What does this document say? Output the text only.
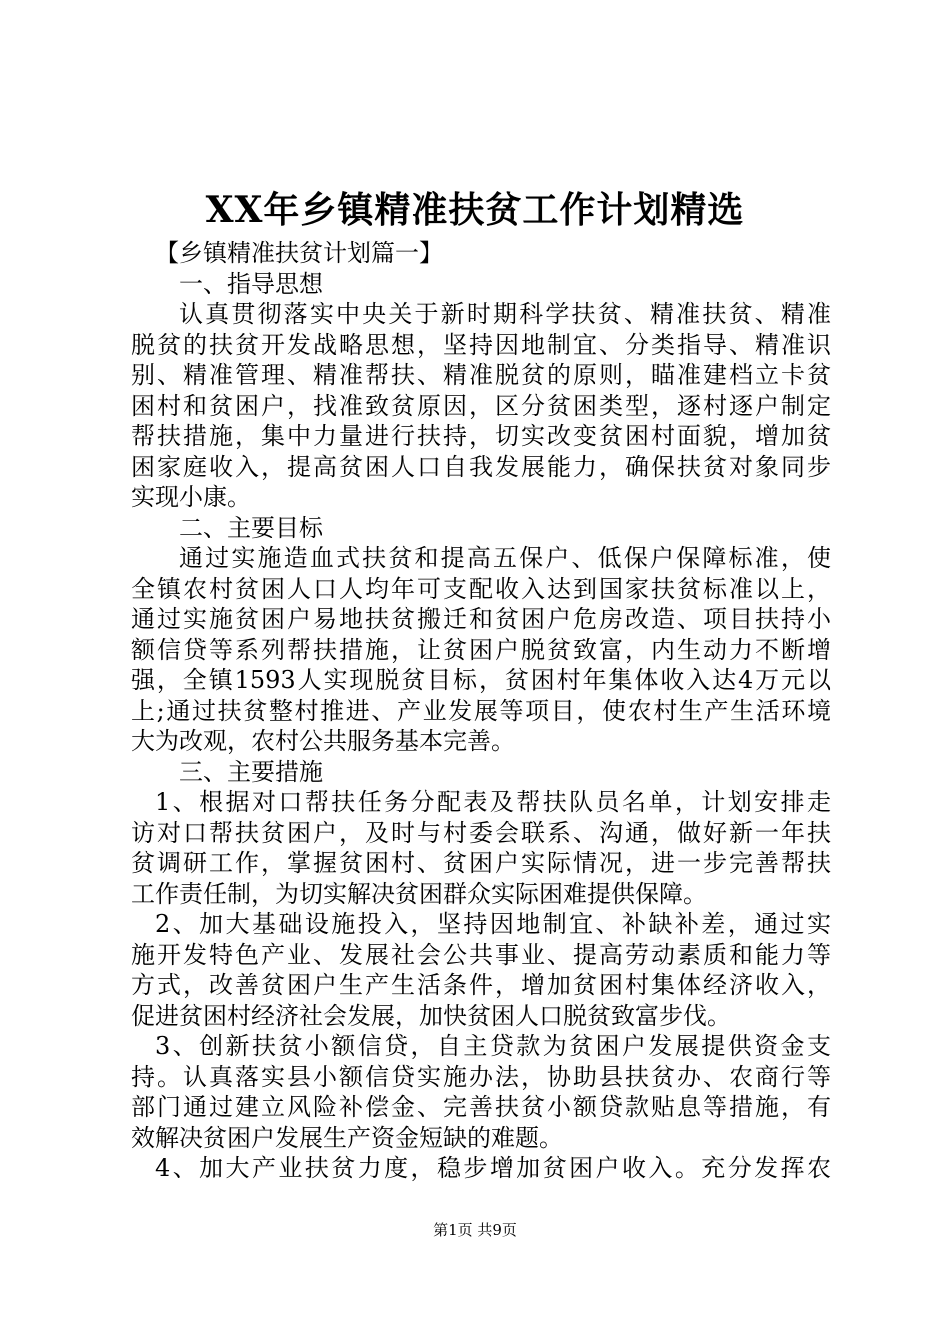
XX年乡镇精准扶贫工作计划精选
【乡镇精准扶贫计划篇一】
一、指导思想
认真贯彻落实中央关于新时期科学扶贫、精准扶贫、精准
脱贫的扶贫开发战略思想，坚持因地制宜、分类指导、精准识
别、精准管理、精准帮扶、精准脱贫的原则，瞄准建档立卡贫
困村和贫困户，找准致贫原因，区分贫困类型，逐村逐户制定
帮扶措施，集中力量进行扶持，切实改变贫困村面貌，增加贫
困家庭收入，提高贫困人口自我发展能力，确保扶贫对象同步
实现小康。
二、主要目标
通过实施造血式扶贫和提高五保户、低保户保障标准，使
全镇农村贫困人口人均年可支配收入达到国家扶贫标准以上，
通过实施贫困户易地扶贫搬迁和贫困户危房改造、项目扶持小
额信贷等系列帮扶措施，让贫困户脱贫致富，内生动力不断增
强，全镇1593人实现脱贫目标，贫困村年集体收入达4万元以
上;通过扶贫整村推进、产业发展等项目，使农村生产生活环境
大为改观，农村公共服务基本完善。
三、主要措施
1、根据对口帮扶任务分配表及帮扶队员名单，计划安排走
访对口帮扶贫困户，及时与村委会联系、沟通，做好新一年扶
贫调研工作，掌握贫困村、贫困户实际情况，进一步完善帮扶
工作责任制，为切实解决贫困群众实际困难提供保障。
2、加大基础设施投入，坚持因地制宜、补缺补差，通过实
施开发特色产业、发展社会公共事业、提高劳动素质和能力等
方式，改善贫困户生产生活条件，增加贫困村集体经济收入，
促进贫困村经济社会发展，加快贫困人口脱贫致富步伐。
3、创新扶贫小额信贷，自主贷款为贫困户发展提供资金支
持。认真落实县小额信贷实施办法，协助县扶贫办、农商行等
部门通过建立风险补偿金、完善扶贫小额贷款贴息等措施，有
效解决贫困户发展生产资金短缺的难题。
4、加大产业扶贫力度，稳步增加贫困户收入。充分发挥农
第1页 共9页
